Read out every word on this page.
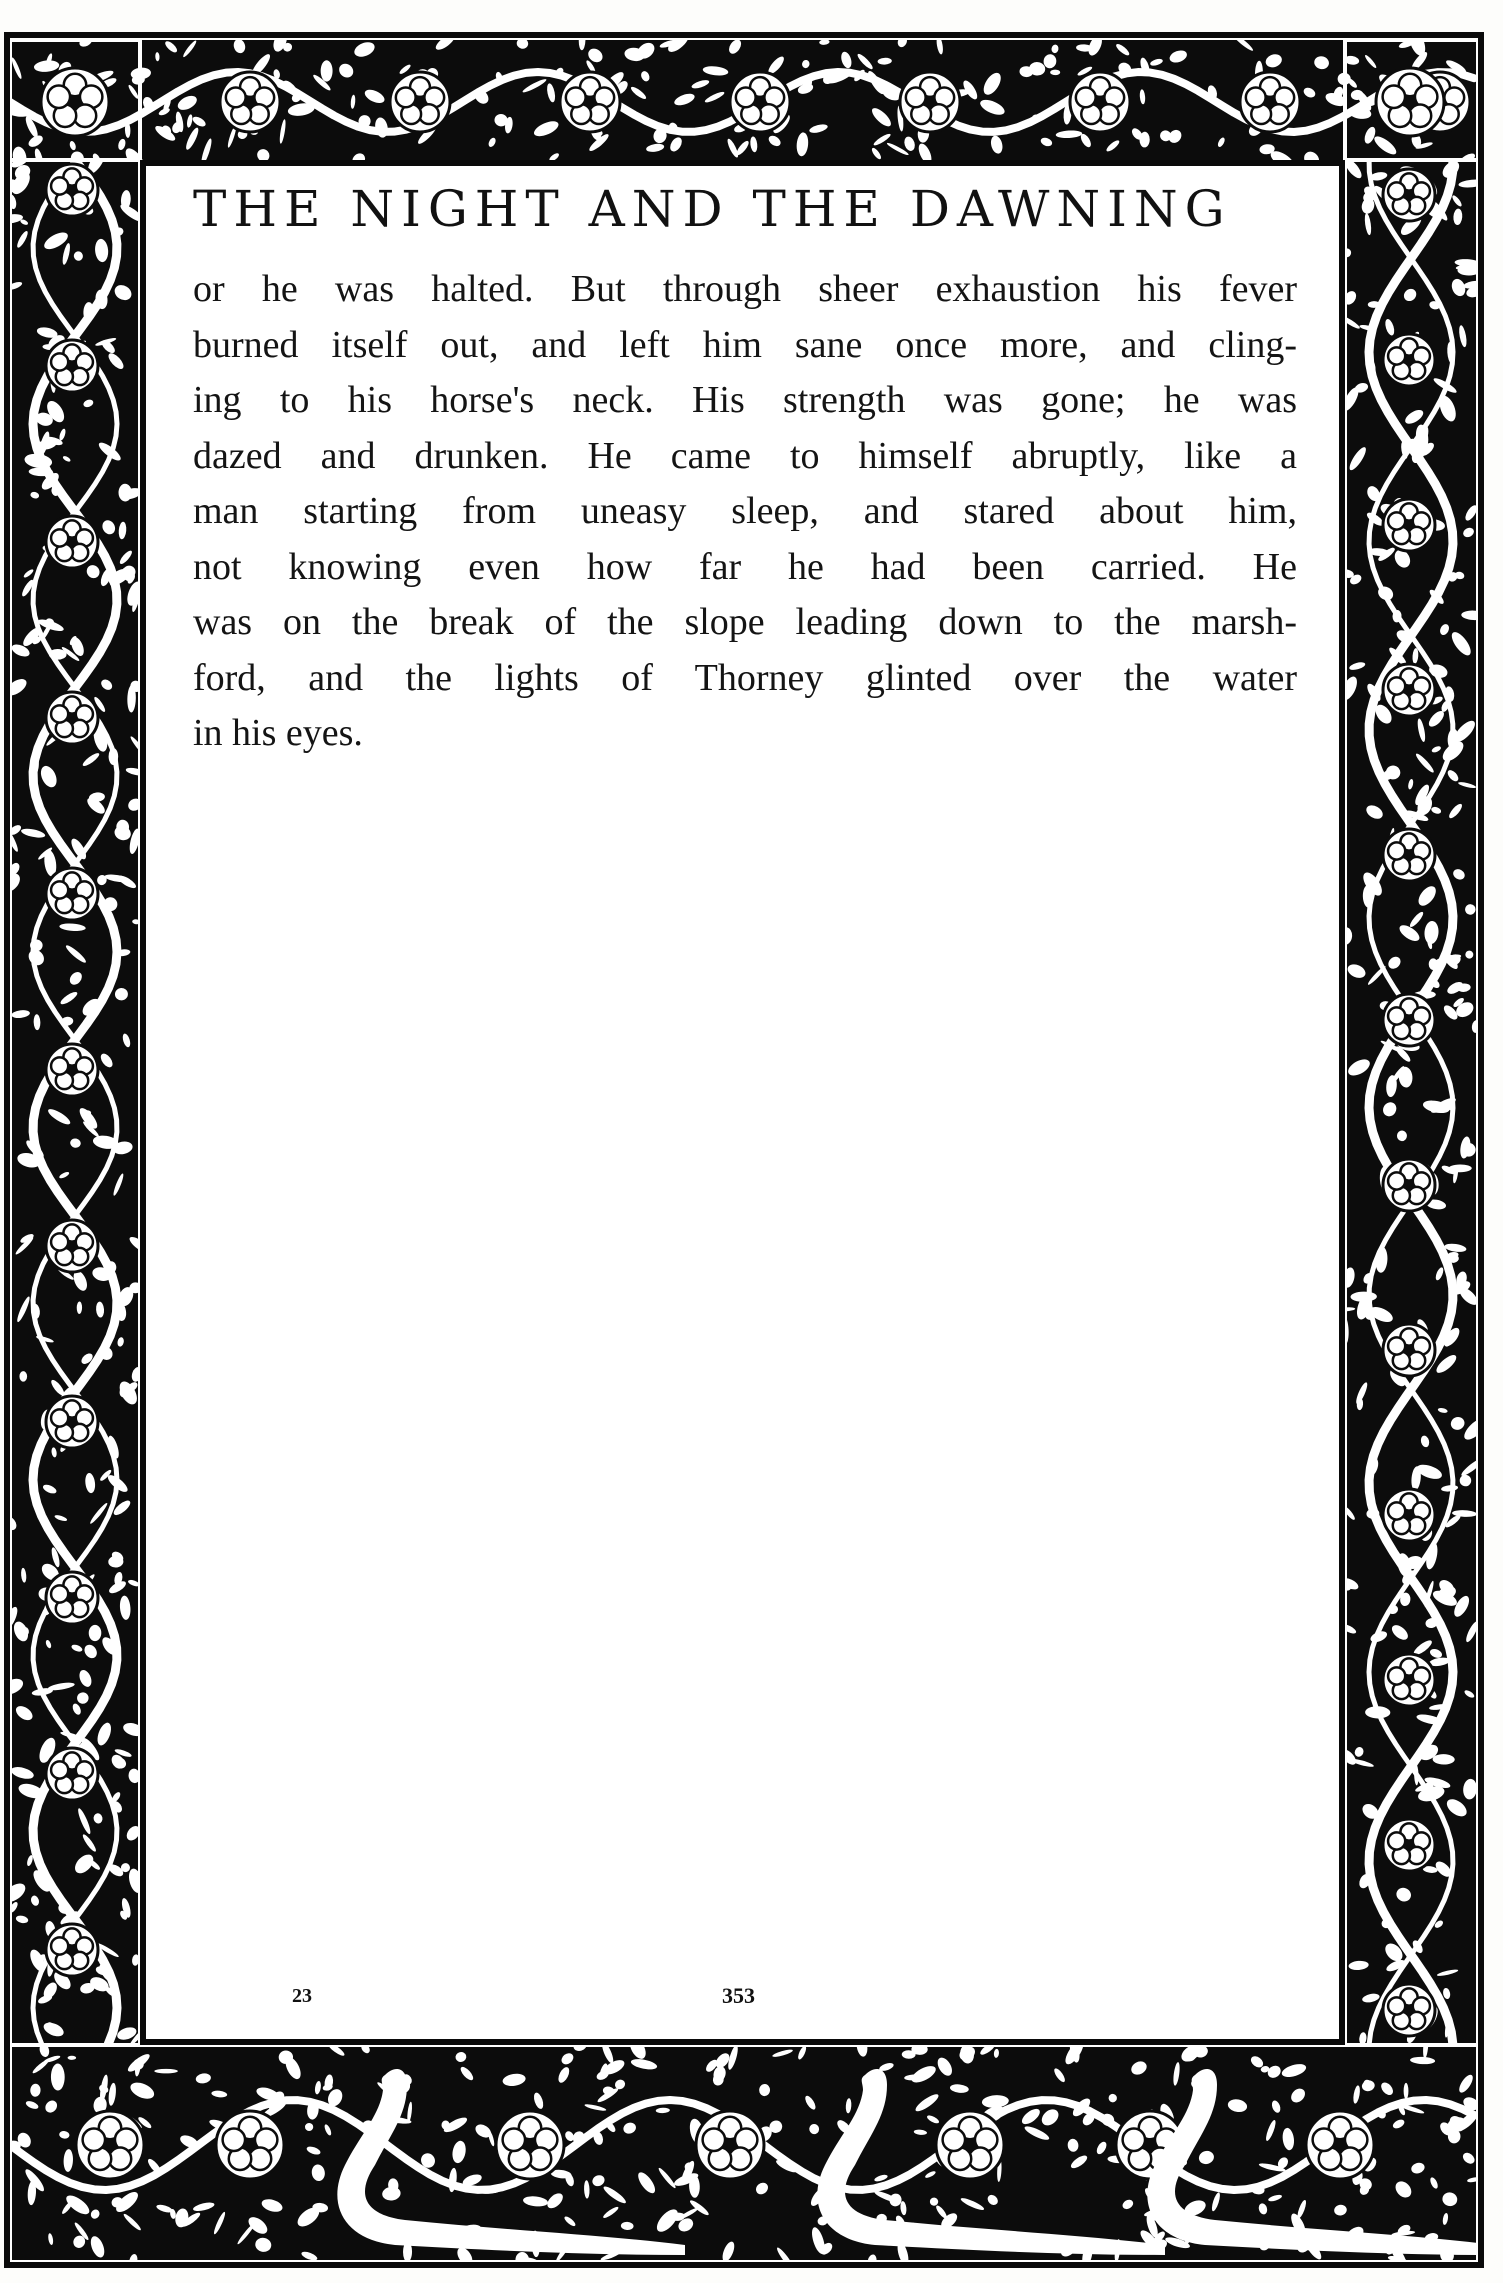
THE NIGHT AND THE DAWNING
or he was halted. But through sheer exhaustion his fever
burned itself out, and left him sane once more, and cling-
ing to his horse's neck. His strength was gone; he was
dazed and drunken. He came to himself abruptly, like a
man starting from uneasy sleep, and stared about him,
not knowing even how far he had been carried. He
was on the break of the slope leading down to the marsh-
ford, and the lights of Thorney glinted over the water
in his eyes.
23	353
